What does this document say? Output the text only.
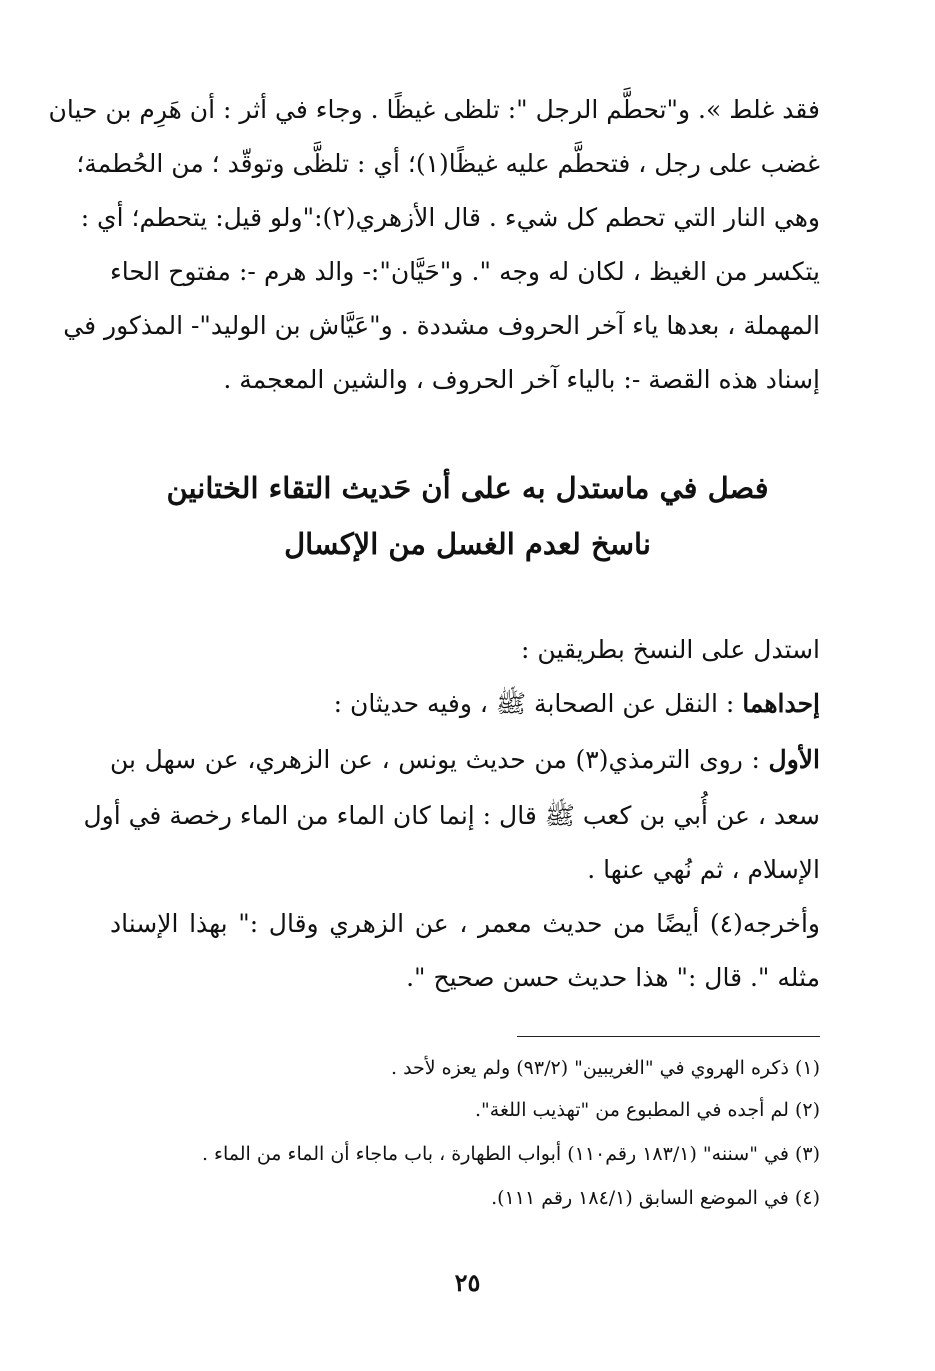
فقد غلط ». و"تحطَّم الرجل ": تلظى غيظًا . وجاء في أثر : أن هَرِم بن حيان
غضب على رجل ، فتحطَّم عليه غيظًا(١)؛ أي : تلظَّى وتوقّد ؛ من الحُطمة؛
وهي النار التي تحطم كل شيء . قال الأزهري(٢):"ولو قيل: يتحطم؛ أي :
يتكسر من الغيظ ، لكان له وجه ". و"حَيَّان":- والد هرم -: مفتوح الحاء
المهملة ، بعدها ياء آخر الحروف مشددة . و"عَيَّاش بن الوليد"- المذكور في
إسناد هذه القصة -: بالياء آخر الحروف ، والشين المعجمة .
فصل في ماستدل به على أن حَديث التقاء الختانين
ناسخ لعدم الغسل من الإكسال
استدل على النسخ بطريقين :
إحداهما : النقل عن الصحابة ﷺ ، وفيه حديثان :
الأول : روى الترمذي(٣) من حديث يونس ، عن الزهري، عن سهل بن
سعد ، عن أُبي بن كعب ﷺ قال : إنما كان الماء من الماء رخصة في أول
الإسلام ، ثم نُهي عنها .
وأخرجه(٤) أيضًا من حديث معمر ، عن الزهري وقال :" بهذا الإسناد
مثله ". قال :" هذا حديث حسن صحيح ".
(١) ذكره الهروي في "الغريبين" (٩٣/٢) ولم يعزه لأحد .
(٢) لم أجده في المطبوع من "تهذيب اللغة".
(٣) في "سننه" (١٨٣/١ رقم١١٠) أبواب الطهارة ، باب ماجاء أن الماء من الماء .
(٤) في الموضع السابق (١٨٤/١ رقم ١١١).
٢٥
